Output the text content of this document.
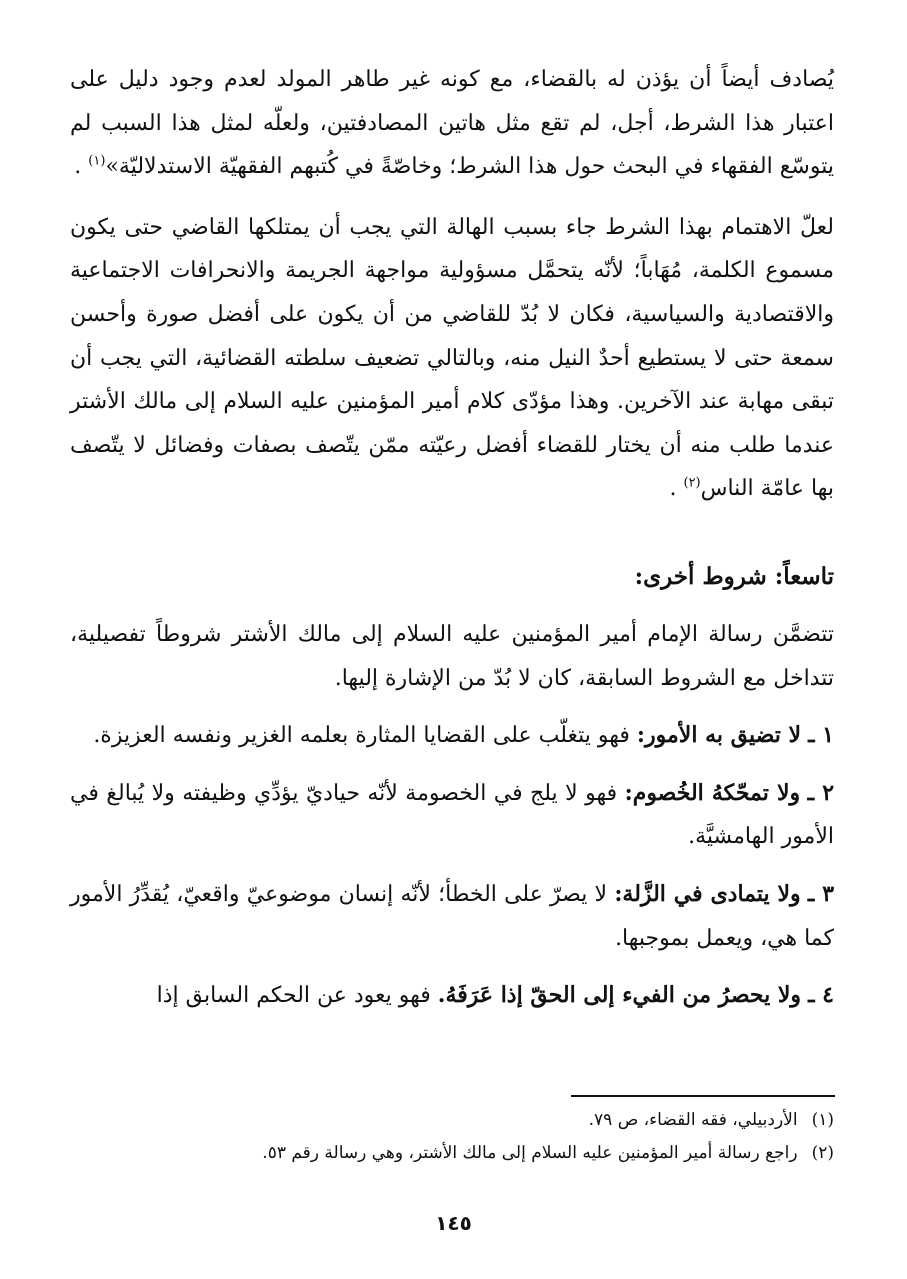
يُصادف أيضاً أن يؤذن له بالقضاء، مع كونه غير طاهر المولد لعدم وجود دليل على اعتبار هذا الشرط، أجل، لم تقع مثل هاتين المصادفتين، ولعلّه لمثل هذا السبب لم يتوسّع الفقهاء في البحث حول هذا الشرط؛ وخاصّةً في كُتبهم الفقهيّة الاستدلاليّة»$^{(١)}$ .
لعلّ الاهتمام بهذا الشرط جاء بسبب الهالة التي يجب أن يمتلكها القاضي حتى يكون مسموع الكلمة، مُهَاباً؛ لأنّه يتحمَّل مسؤولية مواجهة الجريمة والانحرافات الاجتماعية والاقتصادية والسياسية، فكان لا بُدّ للقاضي من أن يكون على أفضل صورة وأحسن سمعة حتى لا يستطيع أحدٌ النيل منه، وبالتالي تضعيف سلطته القضائية، التي يجب أن تبقى مهابة عند الآخرين. وهذا مؤدّى كلام أمير المؤمنين عليه السلام إلى مالك الأشتر عندما طلب منه أن يختار للقضاء أفضل رعيّته ممّن يتّصف بصفات وفضائل لا يتّصف بها عامّة الناس$^{(٢)}$ .
تاسعاً: شروط أخرى:
تتضمَّن رسالة الإمام أمير المؤمنين عليه السلام إلى مالك الأشتر شروطاً تفصيلية، تتداخل مع الشروط السابقة، كان لا بُدّ من الإشارة إليها.
١ ـ لا تضيق به الأمور: فهو يتغلّب على القضايا المثارة بعلمه الغزير ونفسه العزيزة.
٢ ـ ولا تمحّكهُ الخُصوم: فهو لا يلج في الخصومة لأنّه حياديّ يؤدِّي وظيفته ولا يُبالغ في الأمور الهامشيَّة.
٣ ـ ولا يتمادى في الزَّلة: لا يصرّ على الخطأ؛ لأنّه إنسان موضوعيّ واقعيّ، يُقدِّرُ الأمور كما هي، ويعمل بموجبها.
٤ ـ ولا يحصرُ من الفيء إلى الحقّ إذا عَرَفَهُ. فهو يعود عن الحكم السابق إذا
(١)الأردبيلي، فقه القضاء، ص ٧٩.
(٢)راجع رسالة أمير المؤمنين عليه السلام إلى مالك الأشتر، وهي رسالة رقم ٥٣.
١٤٥
